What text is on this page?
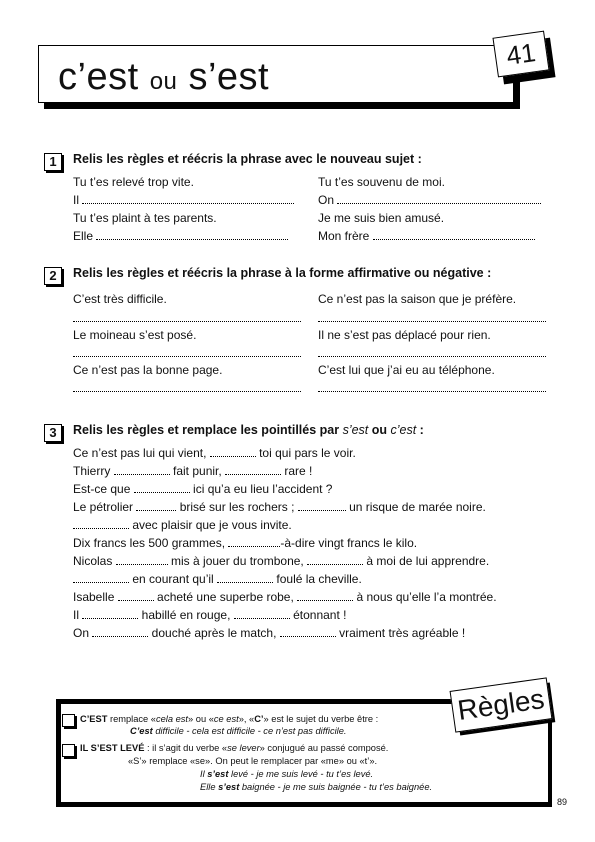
c’est ou s’est
41
1	Relis les règles et réécris la phrase avec le nouveau sujet :
Tu t’es relevé trop vite.
Il
Tu t’es plaint à tes parents.
Elle
Tu t’es souvenu de moi.
On
Je me suis bien amusé.
Mon frère
2	Relis les règles et réécris la phrase à la forme affirmative ou négative :
C’est très difficile.
Le moineau s’est posé.
Ce n’est pas la bonne page.
Ce n’est pas la saison que je préfère.
Il ne s’est pas déplacé pour rien.
C’est lui que j’ai eu au téléphone.
3	Relis les règles et remplace les pointillés par s’est ou c’est :
Ce n’est pas lui qui vient,	toi qui pars le voir.
Thierry	fait punir,	rare !
Est-ce que	ici qu’a eu lieu l’accident ?
Le pétrolier	brisé sur les rochers ;	un risque de marée noire.
avec plaisir que je vous invite.
Dix francs les 500 grammes,	-à-dire vingt francs le kilo.
Nicolas	mis à jouer du trombone,	à moi de lui apprendre.
en courant qu’il	foulé la cheville.
Isabelle	acheté une superbe robe,	à nous qu’elle l’a montrée.
Il	habillé en rouge,	étonnant !
On	douché après le match,	vraiment très agréable !
Règles
C’EST remplace «cela est» ou «ce est», «C’» est le sujet du verbe être :
C’est difficile - cela est difficile - ce n’est pas difficile.
IL S’EST LEVÉ : il s’agit du verbe «se lever» conjugué au passé composé.
«S’» remplace «se». On peut le remplacer par «me» ou «t’».
Il s’est levé - je me suis levé - tu t’es levé.
Elle s’est baignée - je me suis baignée - tu t’es baignée.
89
